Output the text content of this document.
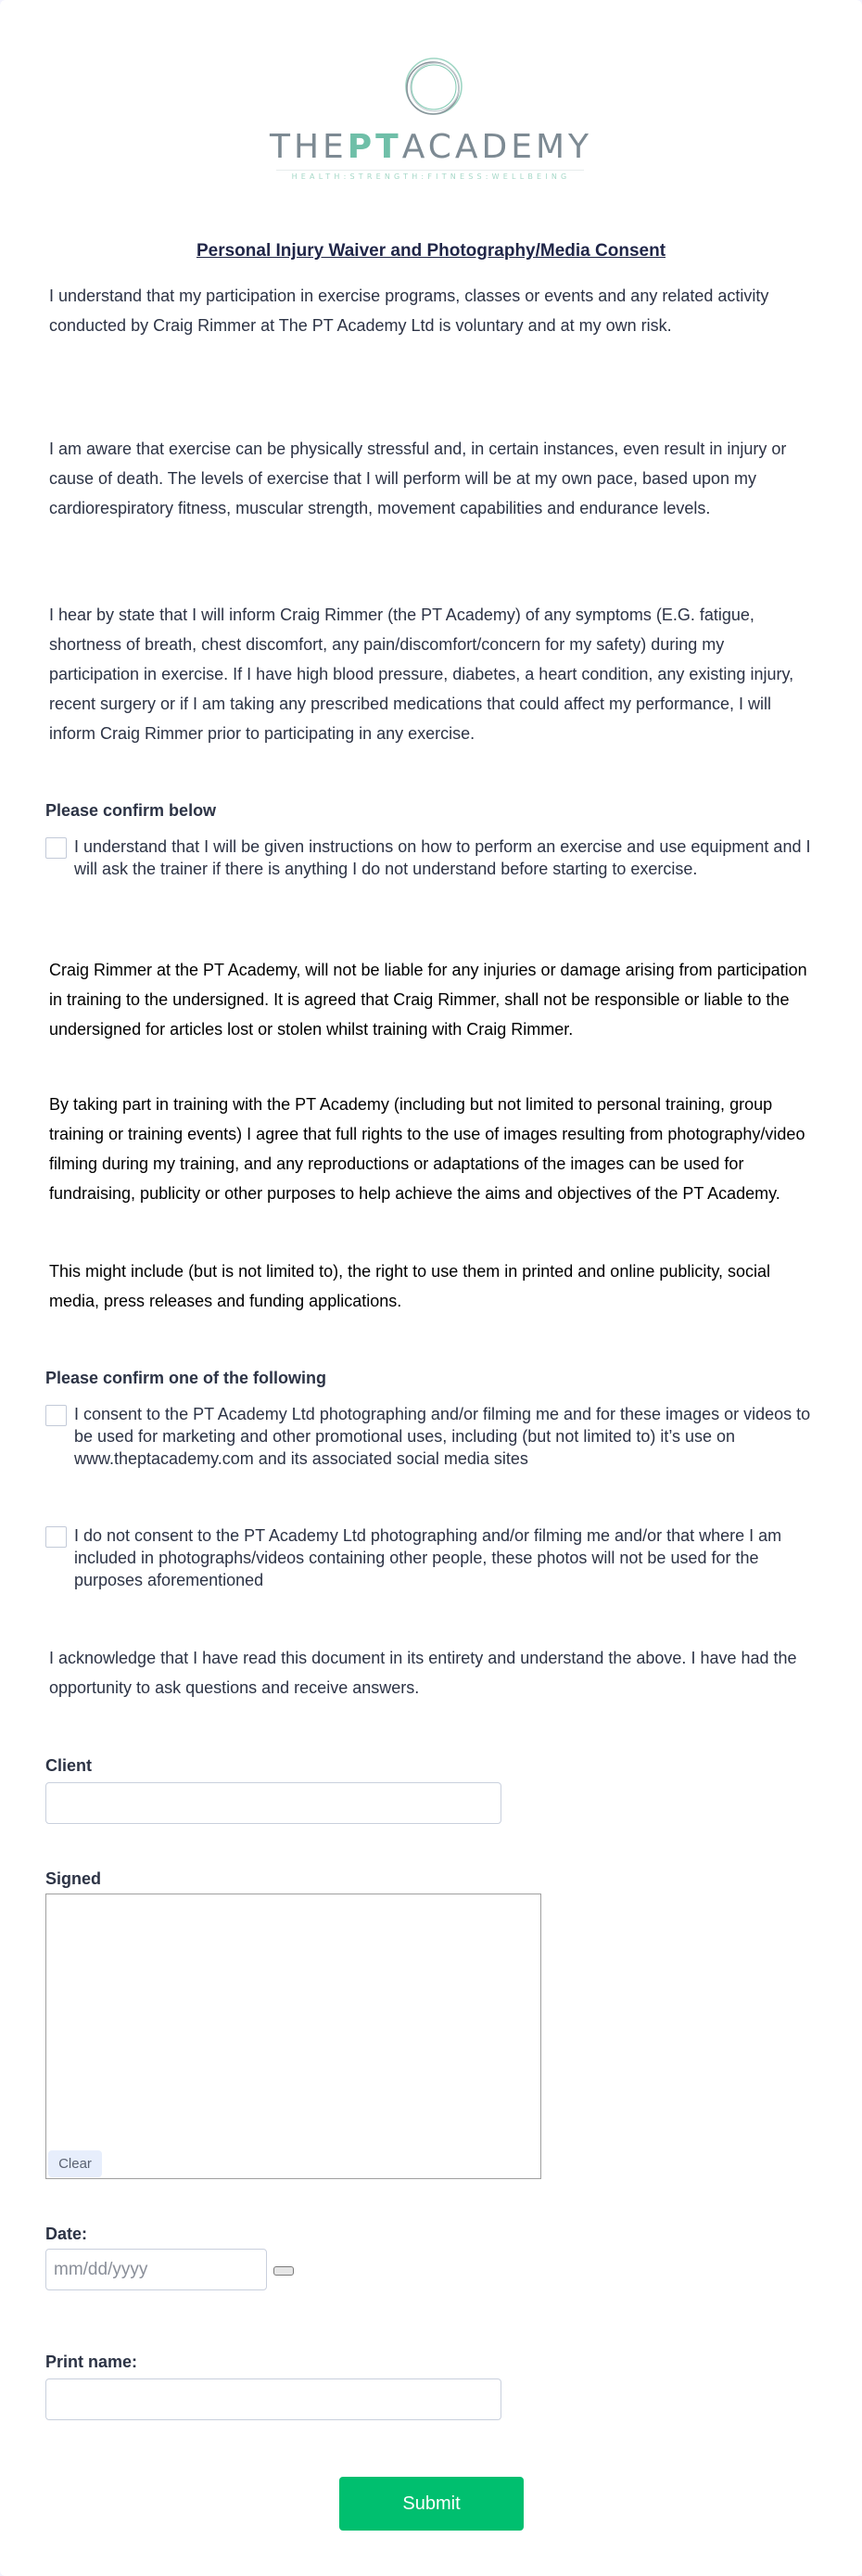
THEPTACADEMY
HEALTH:STRENGTH:FITNESS:WELLBEING
Personal Injury Waiver and Photography/Media Consent

I understand that my participation in exercise programs, classes or events and any related activity conducted by Craig Rimmer at The PT Academy Ltd is voluntary and at my own risk.

I am aware that exercise can be physically stressful and, in certain instances, even result in injury or cause of death. The levels of exercise that I will perform will be at my own pace, based upon my cardiorespiratory fitness, muscular strength, movement capabilities and endurance levels.

I hear by state that I will inform Craig Rimmer (the PT Academy) of any symptoms (E.G. fatigue, shortness of breath, chest discomfort, any pain/discomfort/concern for my safety) during my participation in exercise. If I have high blood pressure, diabetes, a heart condition, any existing injury, recent surgery or if I am taking any prescribed medications that could affect my performance, I will inform Craig Rimmer prior to participating in any exercise.

Please confirm below
I understand that I will be given instructions on how to perform an exercise and use equipment and I will ask the trainer if there is anything I do not understand before starting to exercise.

Craig Rimmer at the PT Academy, will not be liable for any injuries or damage arising from participation in training to the undersigned. It is agreed that Craig Rimmer, shall not be responsible or liable to the undersigned for articles lost or stolen whilst training with Craig Rimmer.

By taking part in training with the PT Academy (including but not limited to personal training, group training or training events) I agree that full rights to the use of images resulting from photography/video filming during my training, and any reproductions or adaptations of the images can be used for fundraising, publicity or other purposes to help achieve the aims and objectives of the PT Academy.

This might include (but is not limited to), the right to use them in printed and online publicity, social media, press releases and funding applications.

Please confirm one of the following
I consent to the PT Academy Ltd photographing and/or filming me and for these images or videos to be used for marketing and other promotional uses, including (but not limited to) it’s use on www.theptacademy.com and its associated social media sites
I do not consent to the PT Academy Ltd photographing and/or filming me and/or that where I am included in photographs/videos containing other people, these photos will not be used for the purposes aforementioned

I acknowledge that I have read this document in its entirety and understand the above. I have had the opportunity to ask questions and receive answers.

Client
Signed
Clear
Date:
mm/dd/yyyy
Print name:
Submit
